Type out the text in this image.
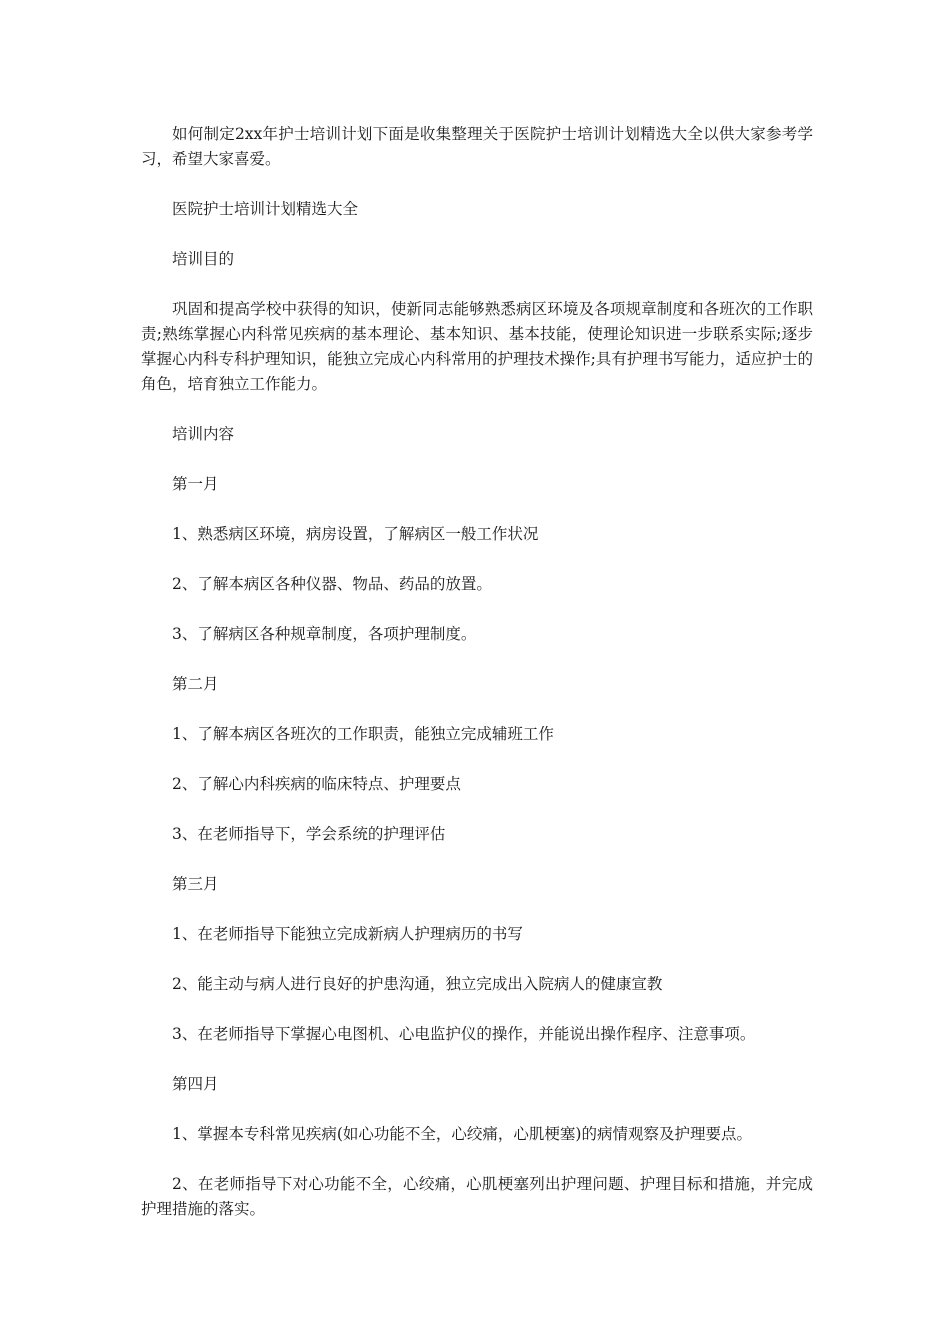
如何制定2xx年护士培训计划下面是收集整理关于医院护士培训计划精选大全以供大家参考学习，希望大家喜爱。

医院护士培训计划精选大全

培训目的

巩固和提高学校中获得的知识，使新同志能够熟悉病区环境及各项规章制度和各班次的工作职责;熟练掌握心内科常见疾病的基本理论、基本知识、基本技能，使理论知识进一步联系实际;逐步掌握心内科专科护理知识，能独立完成心内科常用的护理技术操作;具有护理书写能力，适应护士的角色，培育独立工作能力。

培训内容

第一月

1、熟悉病区环境，病房设置，了解病区一般工作状况

2、了解本病区各种仪器、物品、药品的放置。

3、了解病区各种规章制度，各项护理制度。

第二月

1、了解本病区各班次的工作职责，能独立完成辅班工作

2、了解心内科疾病的临床特点、护理要点

3、在老师指导下，学会系统的护理评估

第三月

1、在老师指导下能独立完成新病人护理病历的书写

2、能主动与病人进行良好的护患沟通，独立完成出入院病人的健康宣教

3、在老师指导下掌握心电图机、心电监护仪的操作，并能说出操作程序、注意事项。

第四月

1、掌握本专科常见疾病(如心功能不全，心绞痛，心肌梗塞)的病情观察及护理要点。

2、在老师指导下对心功能不全，心绞痛，心肌梗塞列出护理问题、护理目标和措施，并完成护理措施的落实。
